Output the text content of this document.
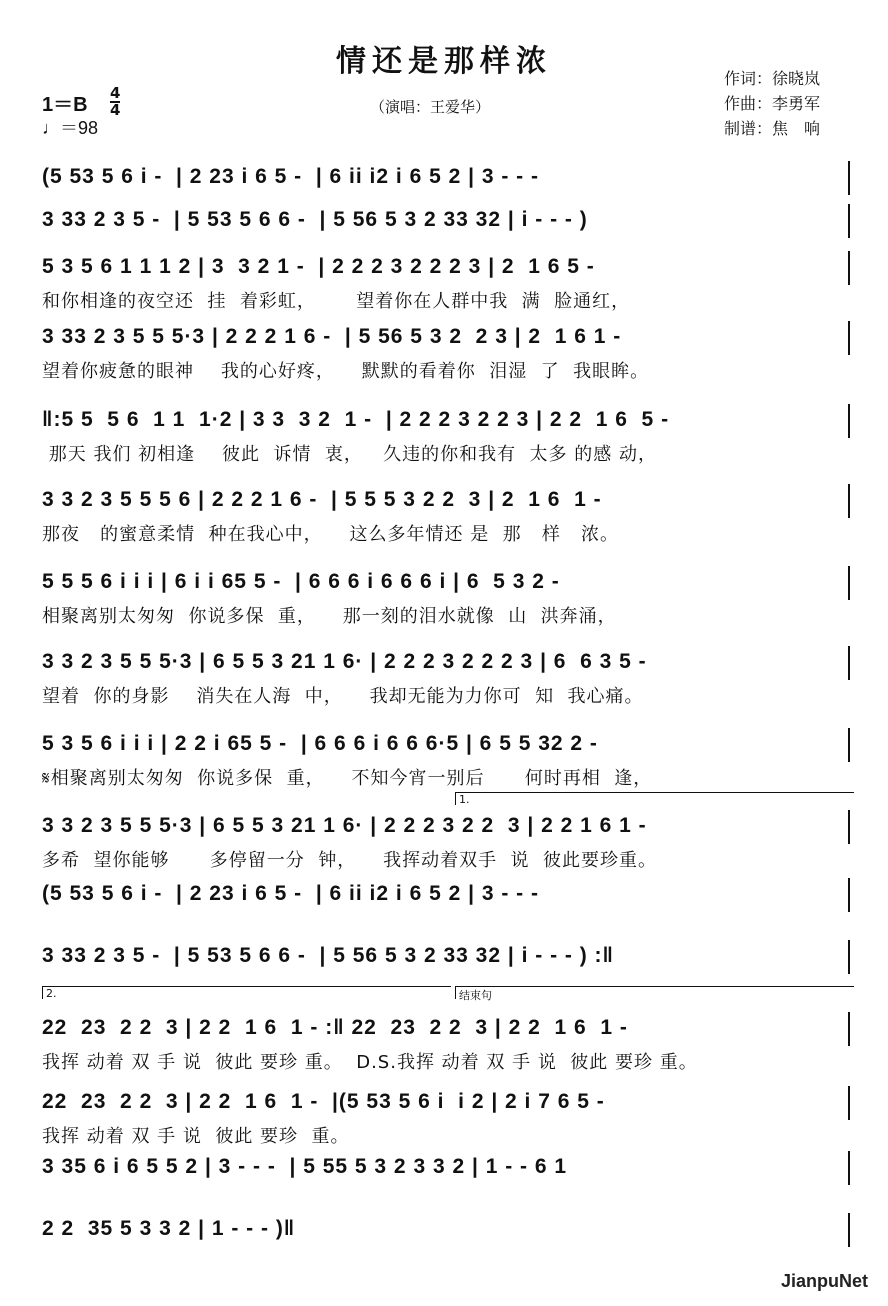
情还是那样浓
（演唱：王爱华）
作词：徐晓岚
作曲：李勇军
制谱：焦　响
$1=B \frac{4}{4}$
♩＝98
(5 53 5 6 i -  | 2 23 i 6 5 -  | 6 ii i2 i 6 5 2 | 3 - - -
3 33 2 3 5 -  | 5 53 5 6 6 -  | 5 56 5 3 2 33 32 | i - - - )
5 3 5 6 1 1 1 2 | 3  3 2 1 -  | 2 2 2 3 2 2 2 3 | 2  1 6 5 -
和你相逢的夜空还  挂  着彩虹，      望着你在人群中我  满  脸通红，
3 33 2 3 5 5 5·3 | 2 2 2 1 6 -  | 5 56 5 3 2  2 3 | 2  1 6 1 -
望着你疲惫的眼神    我的心好疼，    默默的看着你  泪湿  了  我眼眸。
‖:5 5  5 6  1 1  1·2 | 3 3  3 2  1 -  | 2 2 2 3 2 2 3 | 2 2  1 6  5 -
那天 我们 初相逢    彼此  诉情  衷，   久违的你和我有  太多 的感 动，
3 3 2 3 5 5 5 6 | 2 2 2 1 6 -  | 5 5 5 3 2 2  3 | 2  1 6  1 -
那夜   的蜜意柔情  种在我心中，    这么多年情还 是  那   样   浓。
5 5 5 6 i i i | 6 i i 65 5 -  | 6 6 6 i 6 6 6 i | 6  5 3 2 -
相聚离别太匆匆  你说多保  重，    那一刻的泪水就像  山  洪奔涌，
3 3 2 3 5 5 5·3 | 6 5 5 3 21 1 6· | 2 2 2 3 2 2 2 3 | 6  6 3 5 -
望着  你的身影    消失在人海  中，    我却无能为力你可  知  我心痛。
5 3 5 6 i i i | 2 2 i 65 5 -  | 6 6 6 i 6 6 6·5 | 6 5 5 32 2 -
𝄋相聚离别太匆匆  你说多保  重，    不知今宵一别后      何时再相  逢，
3 3 2 3 5 5 5·3 | 6 5 5 3 21 1 6· | 2 2 2 3 2 2  3 | 2 2 1 6 1 -
多希  望你能够      多停留一分  钟，    我挥动着双手  说  彼此要珍重。
(5 53 5 6 i -  | 2 23 i 6 5 -  | 6 ii i2 i 6 5 2 | 3 - - -
3 33 2 3 5 -  | 5 53 5 6 6 -  | 5 56 5 3 2 33 32 | i - - - ) :‖
22  23  2 2  3 | 2 2  1 6  1 - :‖ 22  23  2 2  3 | 2 2  1 6  1 -
我挥 动着 双 手 说  彼此 要珍 重。  D.S.我挥 动着 双 手 说  彼此 要珍 重。
22  23  2 2  3 | 2 2  1 6  1 -  |(5 53 5 6 i  i 2 | 2 i 7 6 5 -
我挥 动着 双 手 说  彼此 要珍  重。
3 35 6 i 6 5 5 2 | 3 - - -  | 5 55 5 3 2 3 3 2 | 1 - - 6 1
2 2  35 5 3 3 2 | 1 - - - )‖
1.
2.	结束句
JianpuNet
